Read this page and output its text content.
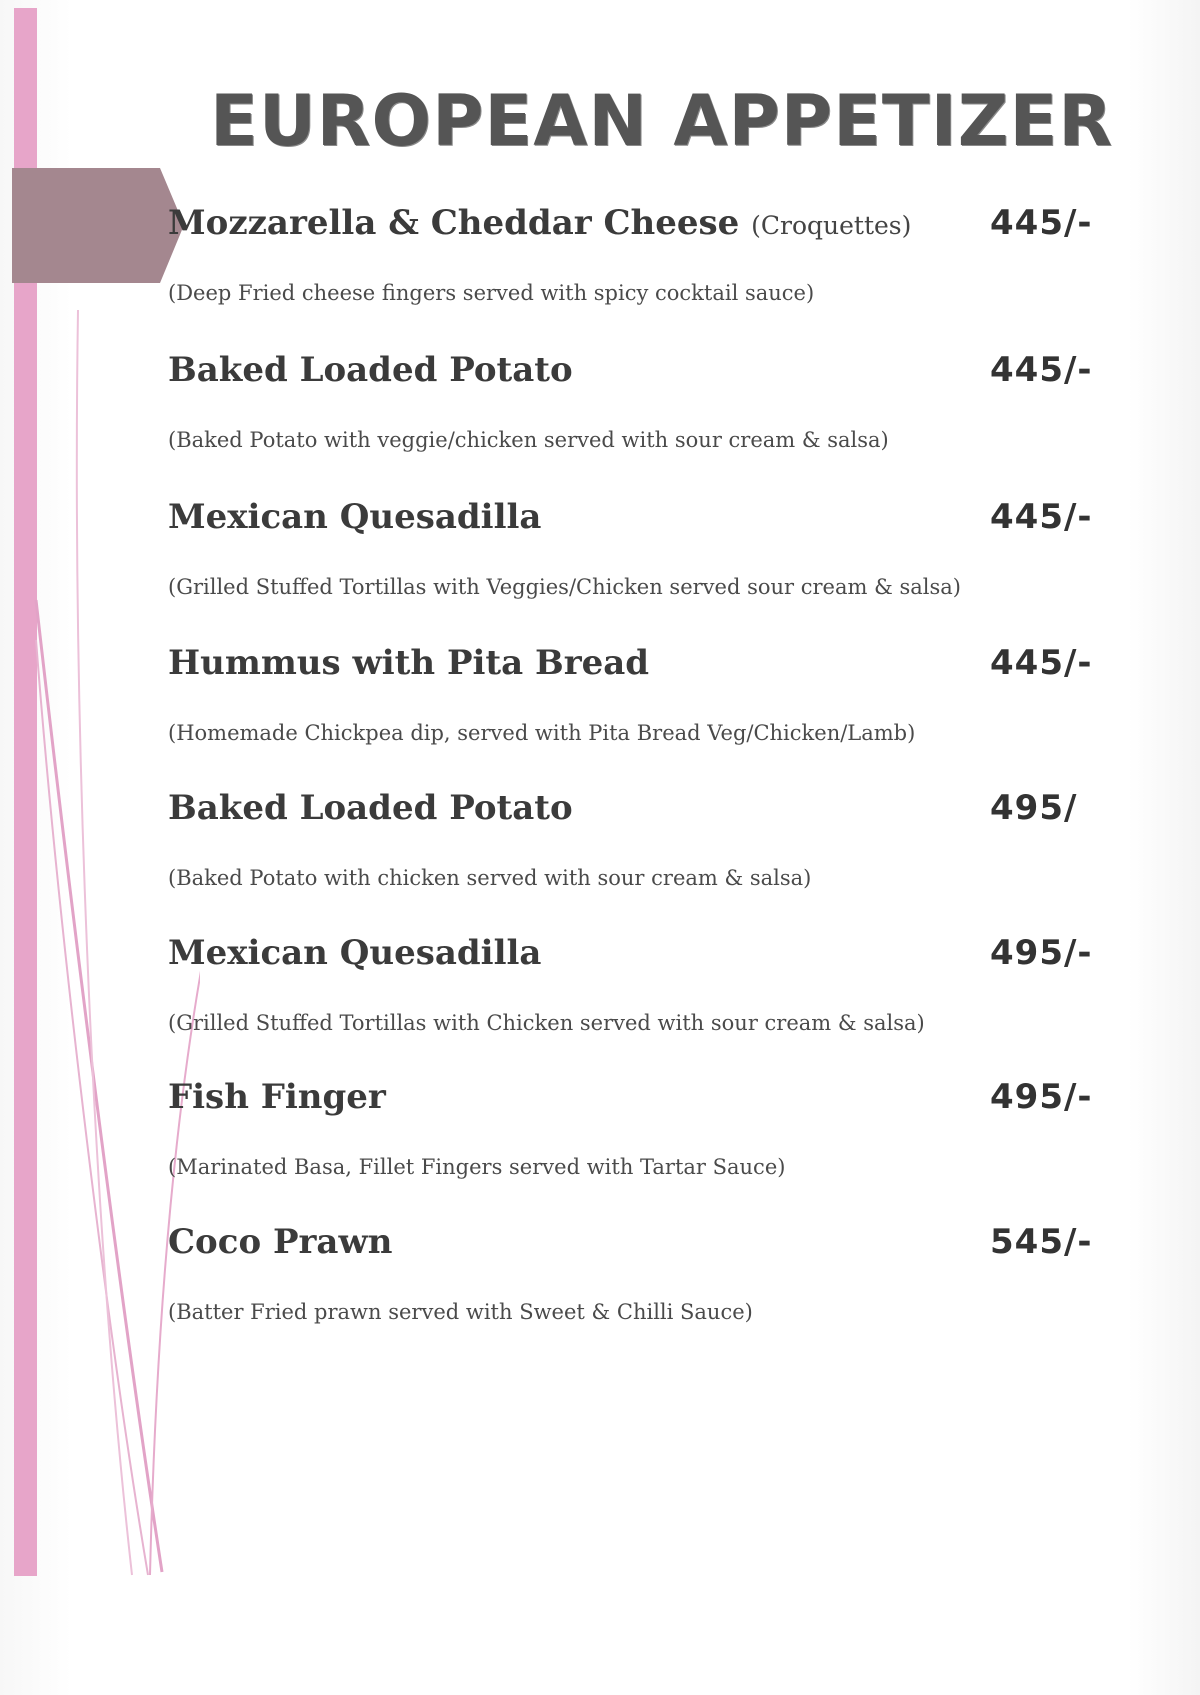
EUROPEAN APPETIZER
Mozzarella & Cheddar Cheese (Croquettes) 445/-
(Deep Fried cheese fingers served with spicy cocktail sauce)
Baked Loaded Potato	445/-
(Baked Potato with veggie/chicken served with sour cream & salsa)
Mexican Quesadilla	445/-
(Grilled Stuffed Tortillas with Veggies/Chicken served sour cream & salsa)
Hummus with Pita Bread	445/-
(Homemade Chickpea dip, served with Pita Bread Veg/Chicken/Lamb)
Baked Loaded Potato	495/
(Baked Potato with chicken served with sour cream & salsa)
Mexican Quesadilla	495/-
(Grilled Stuffed Tortillas with Chicken served with sour cream & salsa)
Fish Finger	495/-
(Marinated Basa, Fillet Fingers served with Tartar Sauce)
Coco Prawn	545/-
(Batter Fried prawn served with Sweet & Chilli Sauce)
